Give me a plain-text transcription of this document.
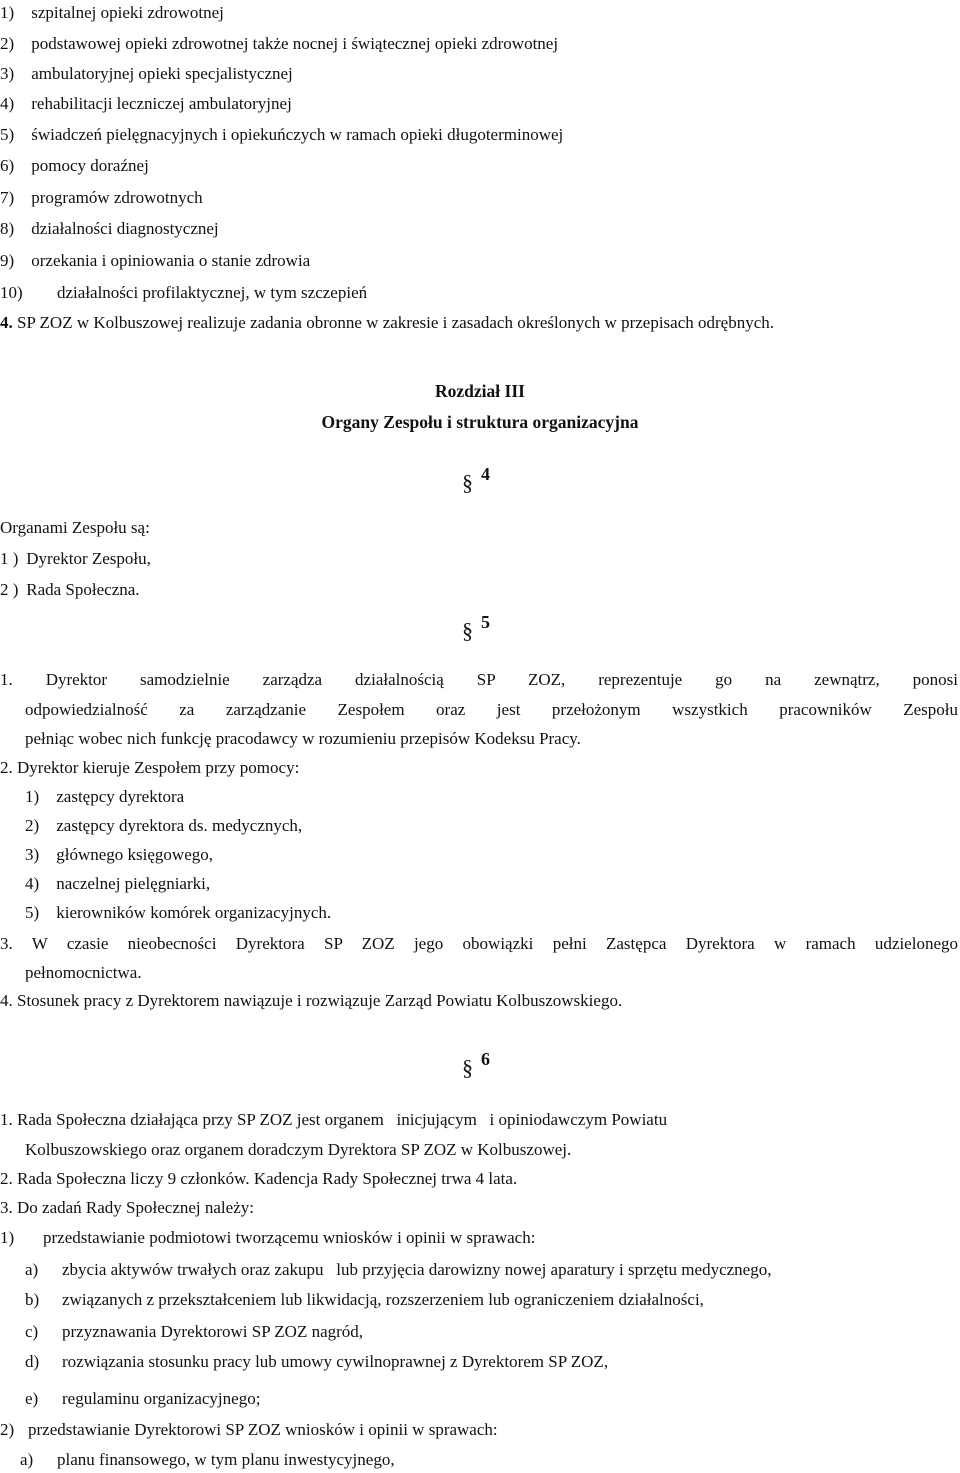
1) szpitalnej opieki zdrowotnej
2) podstawowej opieki zdrowotnej także nocnej i świątecznej opieki zdrowotnej
3) ambulatoryjnej opieki specjalistycznej
4) rehabilitacji leczniczej ambulatoryjnej
5) świadczeń pielęgnacyjnych i opiekuńczych w ramach opieki długoterminowej
6) pomocy doraźnej
7) programów zdrowotnych
8) działalności diagnostycznej
9) orzekania i opiniowania o stanie zdrowia
10) działalności profilaktycznej, w tym szczepień
4. SP ZOZ w Kolbuszowej realizuje zadania obronne w zakresie i zasadach określonych w przepisach odrębnych.
Rozdział III
Organy Zespołu i struktura organizacyjna
§ 4
Organami Zespołu są:
1 ) Dyrektor Zespołu,
2 ) Rada Społeczna.
§ 5
1. Dyrektor samodzielnie zarządza działalnością SP ZOZ, reprezentuje go na zewnątrz, ponosi
odpowiedzialność za zarządzanie Zespołem oraz jest przełożonym wszystkich pracowników Zespołu
pełniąc wobec nich funkcję pracodawcy w rozumieniu przepisów Kodeksu Pracy.
2. Dyrektor kieruje Zespołem przy pomocy:
1) zastępcy dyrektora
2) zastępcy dyrektora ds. medycznych,
3) głównego księgowego,
4) naczelnej pielęgniarki,
5) kierowników komórek organizacyjnych.
3. W czasie nieobecności Dyrektora SP ZOZ jego obowiązki pełni Zastępca Dyrektora w ramach udzielonego
pełnomocnictwa.
4. Stosunek pracy z Dyrektorem nawiązuje i rozwiązuje Zarząd Powiatu Kolbuszowskiego.
§ 6
1. Rada Społeczna działająca przy SP ZOZ jest organem   inicjującym   i opiniodawczym Powiatu
Kolbuszowskiego oraz organem doradczym Dyrektora SP ZOZ w Kolbuszowej.
2. Rada Społeczna liczy 9 członków. Kadencja Rady Społecznej trwa 4 lata.
3. Do zadań Rady Społecznej należy:
1) przedstawianie podmiotowi tworzącemu wniosków i opinii w sprawach:
a) zbycia aktywów trwałych oraz zakupu   lub przyjęcia darowizny nowej aparatury i sprzętu medycznego,
b) związanych z przekształceniem lub likwidacją, rozszerzeniem lub ograniczeniem działalności,
c) przyznawania Dyrektorowi SP ZOZ nagród,
d) rozwiązania stosunku pracy lub umowy cywilnoprawnej z Dyrektorem SP ZOZ,
e) regulaminu organizacyjnego;
2) przedstawianie Dyrektorowi SP ZOZ wniosków i opinii w sprawach:
a) planu finansowego, w tym planu inwestycyjnego,
